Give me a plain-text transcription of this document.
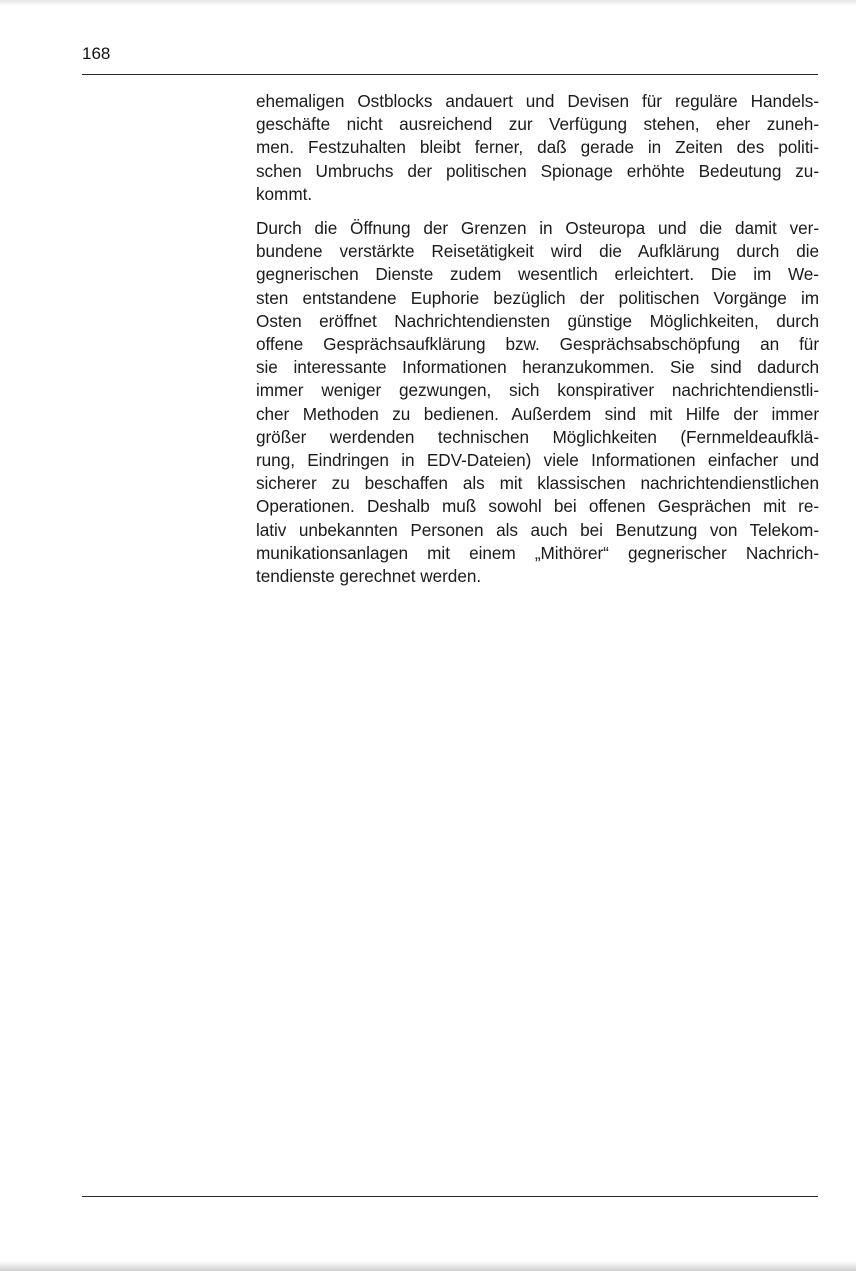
168

ehemaligen Ostblocks andauert und Devisen für reguläre Handels-
geschäfte nicht ausreichend zur Verfügung stehen, eher zuneh-
men. Festzuhalten bleibt ferner, daß gerade in Zeiten des politi-
schen Umbruchs der politischen Spionage erhöhte Bedeutung zu-
kommt.

Durch die Öffnung der Grenzen in Osteuropa und die damit ver-
bundene verstärkte Reisetätigkeit wird die Aufklärung durch die
gegnerischen Dienste zudem wesentlich erleichtert. Die im We-
sten entstandene Euphorie bezüglich der politischen Vorgänge im
Osten eröffnet Nachrichtendiensten günstige Möglichkeiten, durch
offene Gesprächsaufklärung bzw. Gesprächsabschöpfung an für
sie interessante Informationen heranzukommen. Sie sind dadurch
immer weniger gezwungen, sich konspirativer nachrichtendienstli-
cher Methoden zu bedienen. Außerdem sind mit Hilfe der immer
größer werdenden technischen Möglichkeiten (Fernmeldeaufklä-
rung, Eindringen in EDV-Dateien) viele Informationen einfacher und
sicherer zu beschaffen als mit klassischen nachrichtendienstlichen
Operationen. Deshalb muß sowohl bei offenen Gesprächen mit re-
lativ unbekannten Personen als auch bei Benutzung von Telekom-
munikationsanlagen mit einem „Mithörer“ gegnerischer Nachrich-
tendienste gerechnet werden.
